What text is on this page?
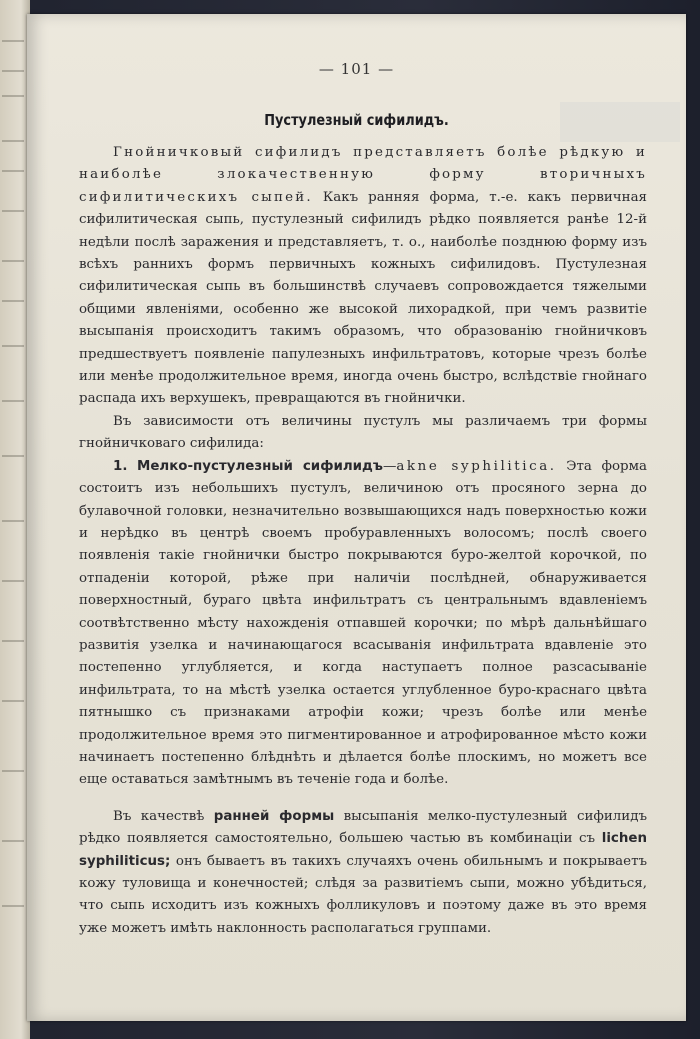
— 101 —
Пустулезный сифилидъ.

Гнойничковый сифилидъ представляетъ болѣе рѣдкую и наиболѣе злокачественную форму вторичныхъ сифилитическихъ сыпей. Какъ ранняя форма, т.-е. какъ первичная сифилитическая сыпь, пустулезный сифилидъ рѣдко появляется ранѣе 12-й недѣли послѣ заражения и представляетъ, т. о., наиболѣе позднюю форму изъ всѣхъ раннихъ формъ первичныхъ кожныхъ сифилидовъ. Пустулезная сифилитическая сыпь въ большинствѣ случаевъ сопровождается тяжелыми общими явленіями, особенно же высокой лихорадкой, при чемъ развитіе высыпанія происходитъ такимъ образомъ, что образованію гнойничковъ предшествуетъ появленіе папулезныхъ инфильтратовъ, которые чрезъ болѣе или менѣе продолжительное время, иногда очень быстро, вслѣдствіе гнойнаго распада ихъ верхушекъ, превращаются въ гнойнички.

Въ зависимости отъ величины пустулъ мы различаемъ три формы гнойничковаго сифилида:

1. Мелко-пустулезный сифилидъ—akne syphilitica. Эта форма состоитъ изъ небольшихъ пустулъ, величиною отъ просяного зерна до булавочной головки, незначительно возвышающихся надъ поверхностью кожи и нерѣдко въ центрѣ своемъ пробуравленныхъ волосомъ; послѣ своего появленія такіе гнойнички быстро покрываются буро-желтой корочкой, по отпаденіи которой, рѣже при наличіи послѣдней, обнаруживается поверхностный, бураго цвѣта инфильтратъ съ центральнымъ вдавленіемъ соотвѣтственно мѣсту нахожденія отпавшей корочки; по мѣрѣ дальнѣйшаго развитія узелка и начинающагося всасыванія инфильтрата вдавленіе это постепенно углубляется, и когда наступаетъ полное разсасываніе инфильтрата, то на мѣстѣ узелка остается углубленное буро-краснаго цвѣта пятнышко съ признаками атрофіи кожи; чрезъ болѣе или менѣе продолжительное время это пигментированное и атрофированное мѣсто кожи начинаетъ постепенно блѣднѣть и дѣлается болѣе плоскимъ, но можетъ все еще оставаться замѣтнымъ въ теченіе года и болѣе.

Въ качествѣ ранней формы высыпанія мелко-пустулезный сифилидъ рѣдко появляется самостоятельно, большею частью въ комбинаціи съ lichen syphiliticus; онъ бываетъ въ такихъ случаяхъ очень обильнымъ и покрываетъ кожу туловища и конечностей; слѣдя за развитіемъ сыпи, можно убѣдиться, что сыпь исходитъ изъ кожныхъ фолликуловъ и поэтому даже въ это время уже можетъ имѣть наклонность располагаться группами.
